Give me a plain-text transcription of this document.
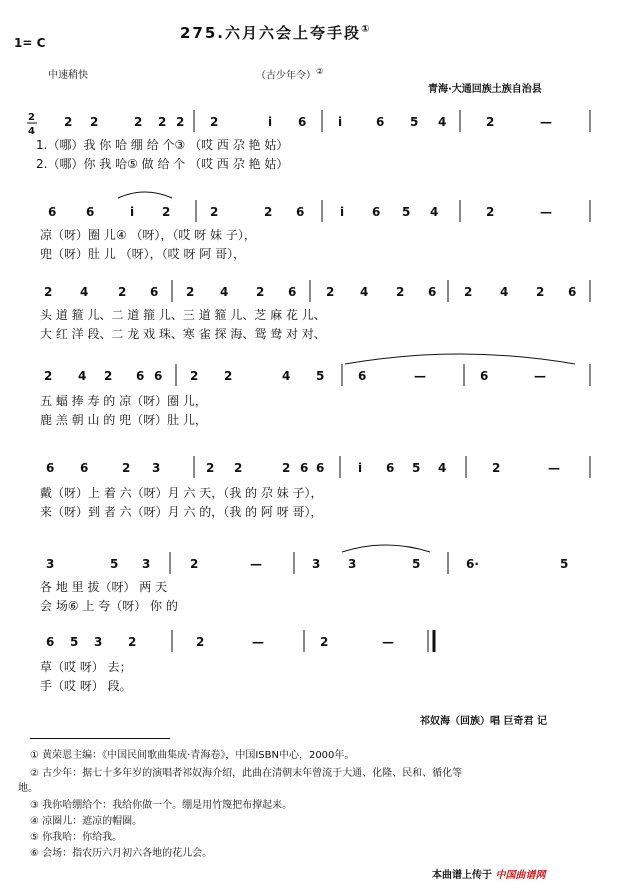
275.六月六会上夸手段①
1= C
中速稍快	（古少年令）②
青海·大通回族土族自治县
2
4
2 2	2 2 2 2	i 6	i	6 5 4	2	—
6 6	i 2	2	2 6	i 6 5 4	2	—
2 4 2 6 2 4 2 6 2 4 2 6 2 4 2 6
2 4 2 6 6 2 2	4 5	6	—	6	—
6 6	2 3	2 2	2 6 6	i 6 5 4	2	—
3	5 3	2	—	3 3	5	6·	5
6 5 3 2	2	—	2	—
1.（哪）我 你 哈 绷 给 个③ （哎 西 尕 艳 姑）
2.（哪）你 我 哈⑤ 做 给 个 （哎 西 尕 艳 姑）
凉（呀）圈 儿④ （呀），（哎 呀 妹 子），
兜（呀）肚 儿 （呀），（哎 呀 阿 哥），
头 道 箍 儿、二 道 箍 儿、三 道 箍 儿、芝 麻 花 儿、
大 红 洋 段、二 龙 戏 珠、寒 雀 探 海、鸳 鸯 对 对、
五 蝠 捧 寿 的 凉（呀）圈 儿，
鹿 羔 朝 山 的 兜（呀）肚 儿，
戴（呀）上 着 六（呀）月 六 天，（我 的 尕 妹 子），
来（呀）到 者 六（呀）月 六 的，（我 的 阿 呀 哥），
各 地 里 拔（呀） 两 天
会 场⑥ 上 夸（呀） 你 的
草（哎 呀） 去；
手（哎 呀） 段。
祁奴海（回族）唱 巨奇君 记
① 黄荣恩主编：《中国民间歌曲集成·青海卷》，中国ISBN中心，2000年。
② 古少年：据七十多年岁的演唱者祁奴海介绍，此曲在清朝末年曾流于大通、化隆、民和、循化等
地。
③ 我你哈绷给个：我给你做一个。绷是用竹篾把布撑起来。
④ 凉圈儿：遮凉的帽圈。
⑤ 你我哈：你给我。
⑥ 会场：指农历六月初六各地的花儿会。
本曲谱上传于 中国曲谱网
